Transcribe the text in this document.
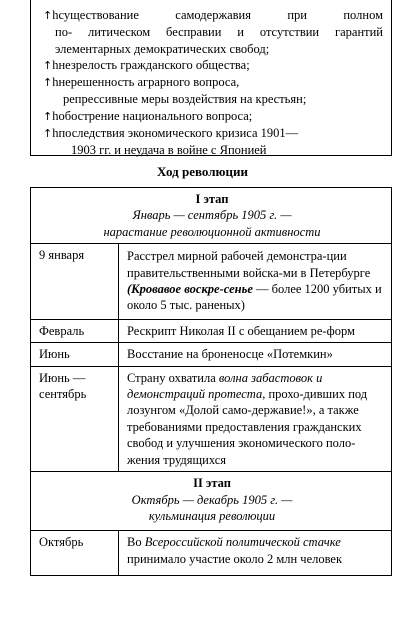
↑hсуществование самодержавия при полном

по- литическом бесправии и отсутствии гарантий
элементарных демократических свобод;

↑hнезрелость гражданского общества;

↑hнерешенность аграрного вопроса,
репрессивные меры воздействия на крестьян;

↑hобострение национального вопроса;

↑hпоследствия экономического кризиса 1901—
1903 гг. и неудача в войне с Японией

Ход революции
I этап
Январь — сентябрь 1905 г. —
нарастание революционной активности	

9 января	Расстрел мирной рабочей демонстра-ции правительственными войска-ми в Петербурге (Кровавое воскре-сенье — более 1200 убитых и около 5 тыс. раненых)
Февраль	Рескрипт Николая II с обещанием ре-форм
Июнь	Восстание на броненосце «Потемкин»
Июнь — сентябрь	Страну охватила волна забастовок и демонстраций протеста, прохо-дивших под лозунгом «Долой само-державие!», а также требованиями предоставления гражданских свобод и улучшения экономического поло-жения трудящихся

II этап
Октябрь — декабрь 1905 г. —
кульминация революции	

Октябрь	Во Всероссийской политической стачке принимало участие около 2 млн человек
